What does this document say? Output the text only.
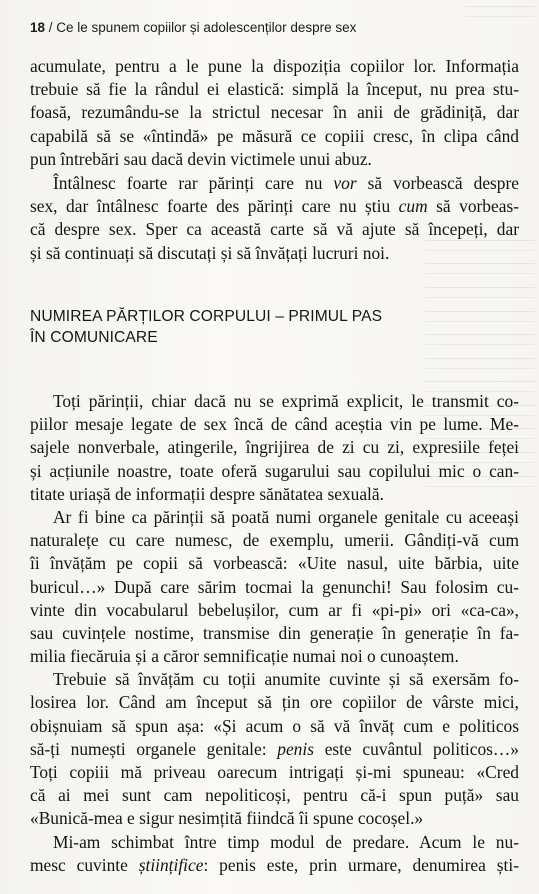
18 / Ce le spunem copiilor și adolescenților despre sex
acumulate, pentru a le pune la dispoziția copiilor lor. Informația
trebuie să fie la rândul ei elastică: simplă la început, nu prea stu-
foasă, rezumându-se la strictul necesar în anii de grădiniță, dar
capabilă să se «întindă» pe măsură ce copiii cresc, în clipa când
pun întrebări sau dacă devin victimele unui abuz.
Întâlnesc foarte rar părinți care nu vor să vorbească despre
sex, dar întâlnesc foarte des părinți care nu știu cum să vorbeas-
că despre sex. Sper ca această carte să vă ajute să începeți, dar
și să continuați să discutați și să învățați lucruri noi.
NUMIREA PĂRȚILOR CORPULUI – PRIMUL PAS
ÎN COMUNICARE
Toți părinții, chiar dacă nu se exprimă explicit, le transmit co-
piilor mesaje legate de sex încă de când aceștia vin pe lume. Me-
sajele nonverbale, atingerile, îngrijirea de zi cu zi, expresiile feței
și acțiunile noastre, toate oferă sugarului sau copilului mic o can-
titate uriașă de informații despre sănătatea sexuală.
Ar fi bine ca părinții să poată numi organele genitale cu aceeași
naturalețe cu care numesc, de exemplu, umerii. Gândiți-vă cum
îi învățăm pe copii să vorbească: «Uite nasul, uite bărbia, uite
buricul…» După care sărim tocmai la genunchi! Sau folosim cu-
vinte din vocabularul bebelușilor, cum ar fi «pi-pi» ori «ca-ca»,
sau cuvințele nostime, transmise din generație în generație în fa-
milia fiecăruia și a căror semnificație numai noi o cunoaștem.
Trebuie să învățăm cu toții anumite cuvinte și să exersăm fo-
losirea lor. Când am început să țin ore copiilor de vârste mici,
obișnuiam să spun așa: «Și acum o să vă învăț cum e politicos
să-ți numești organele genitale: penis este cuvântul politicos…»
Toți copiii mă priveau oarecum intrigați și-mi spuneau: «Cred
că ai mei sunt cam nepoliticoși, pentru că-i spun puță» sau
«Bunică-mea e sigur nesimțită fiindcă îi spune cocoșel.»
Mi-am schimbat între timp modul de predare. Acum le nu-
mesc cuvinte științifice: penis este, prin urmare, denumirea ști-
